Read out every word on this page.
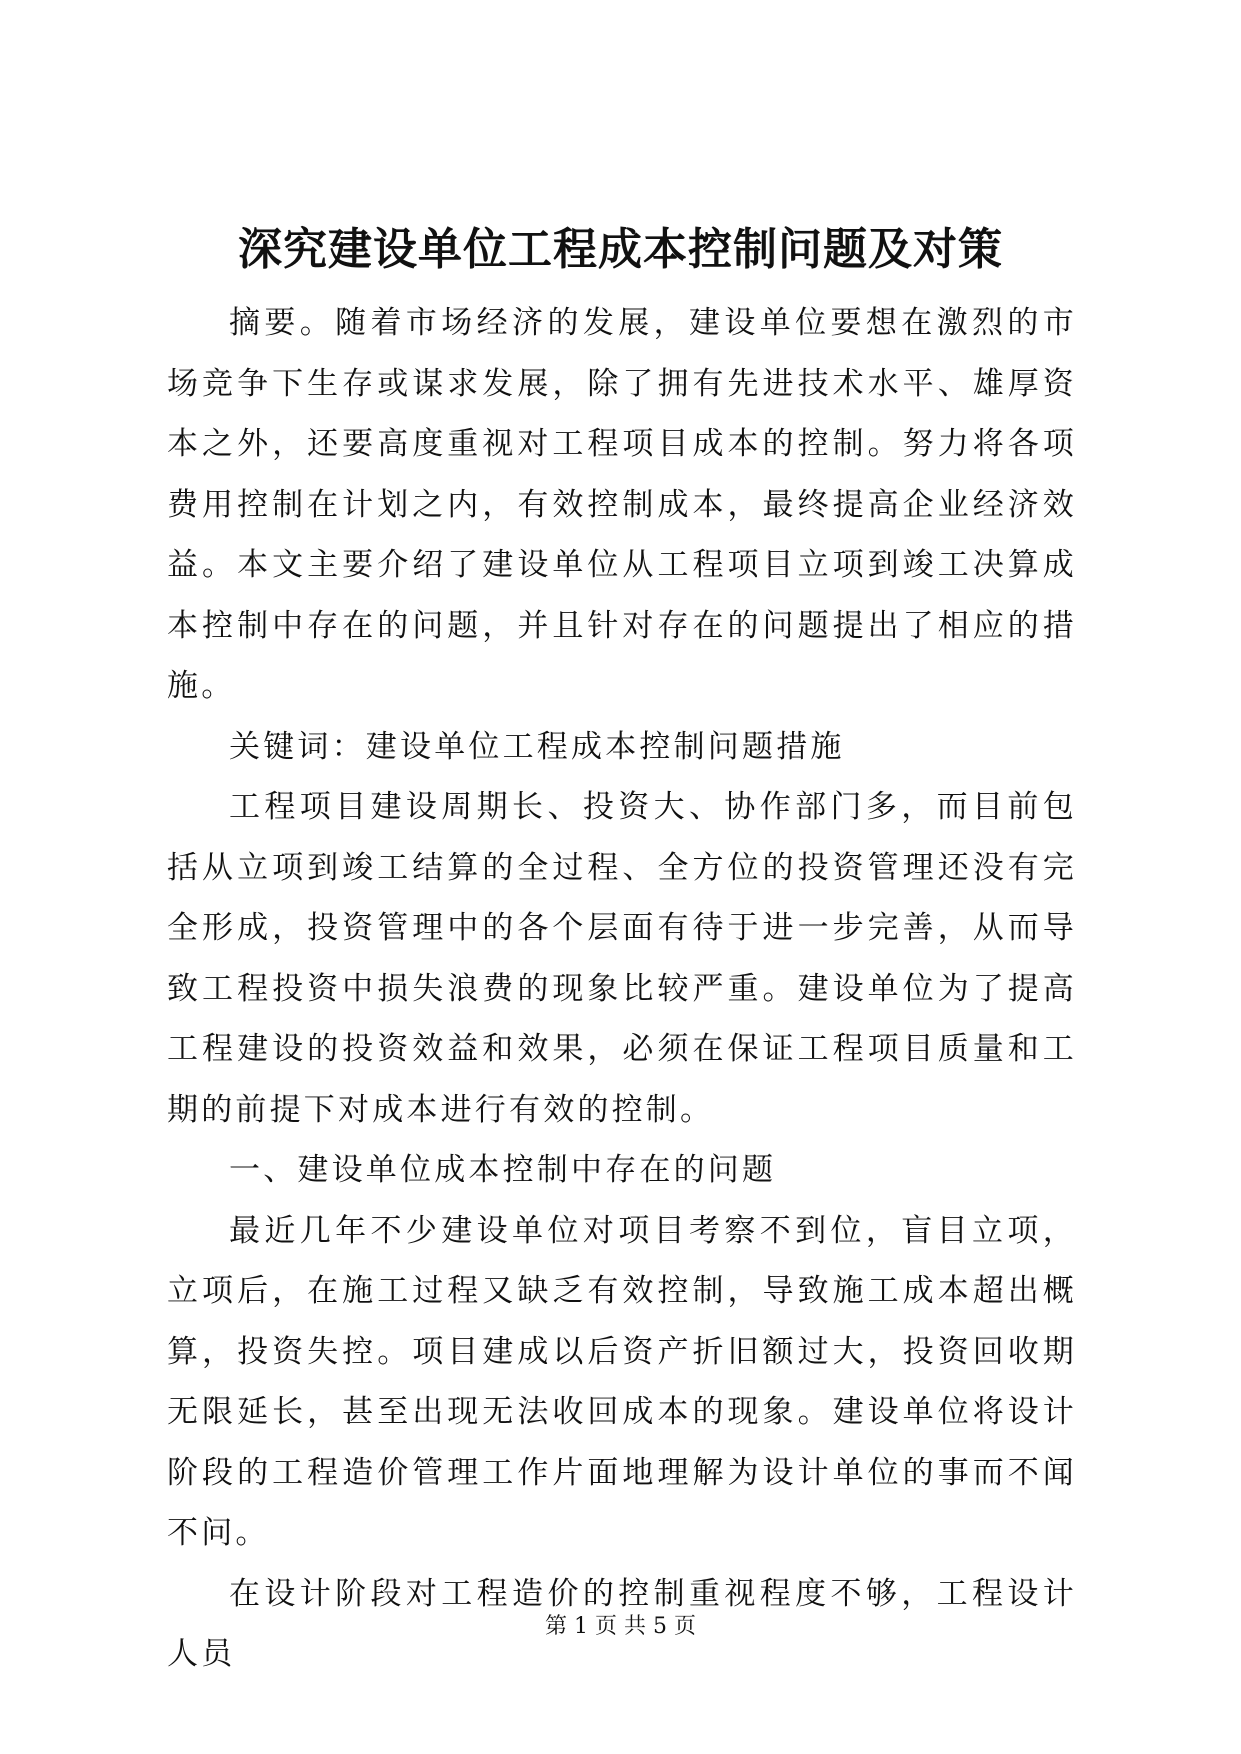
深究建设单位工程成本控制问题及对策

摘要。随着市场经济的发展，建设单位要想在激烈的市场竞争下生存或谋求发展，除了拥有先进技术水平、雄厚资本之外，还要高度重视对工程项目成本的控制。努力将各项费用控制在计划之内，有效控制成本，最终提高企业经济效益。本文主要介绍了建设单位从工程项目立项到竣工决算成本控制中存在的问题，并且针对存在的问题提出了相应的措施。

关键词：建设单位工程成本控制问题措施

工程项目建设周期长、投资大、协作部门多，而目前包括从立项到竣工结算的全过程、全方位的投资管理还没有完全形成，投资管理中的各个层面有待于进一步完善，从而导致工程投资中损失浪费的现象比较严重。建设单位为了提高工程建设的投资效益和效果，必须在保证工程项目质量和工期的前提下对成本进行有效的控制。

一、建设单位成本控制中存在的问题

最近几年不少建设单位对项目考察不到位，盲目立项，立项后，在施工过程又缺乏有效控制，导致施工成本超出概算，投资失控。项目建成以后资产折旧额过大，投资回收期无限延长，甚至出现无法收回成本的现象。建设单位将设计阶段的工程造价管理工作片面地理解为设计单位的事而不闻不问。

在设计阶段对工程造价的控制重视程度不够，工程设计人员

第 1 页 共 5 页
